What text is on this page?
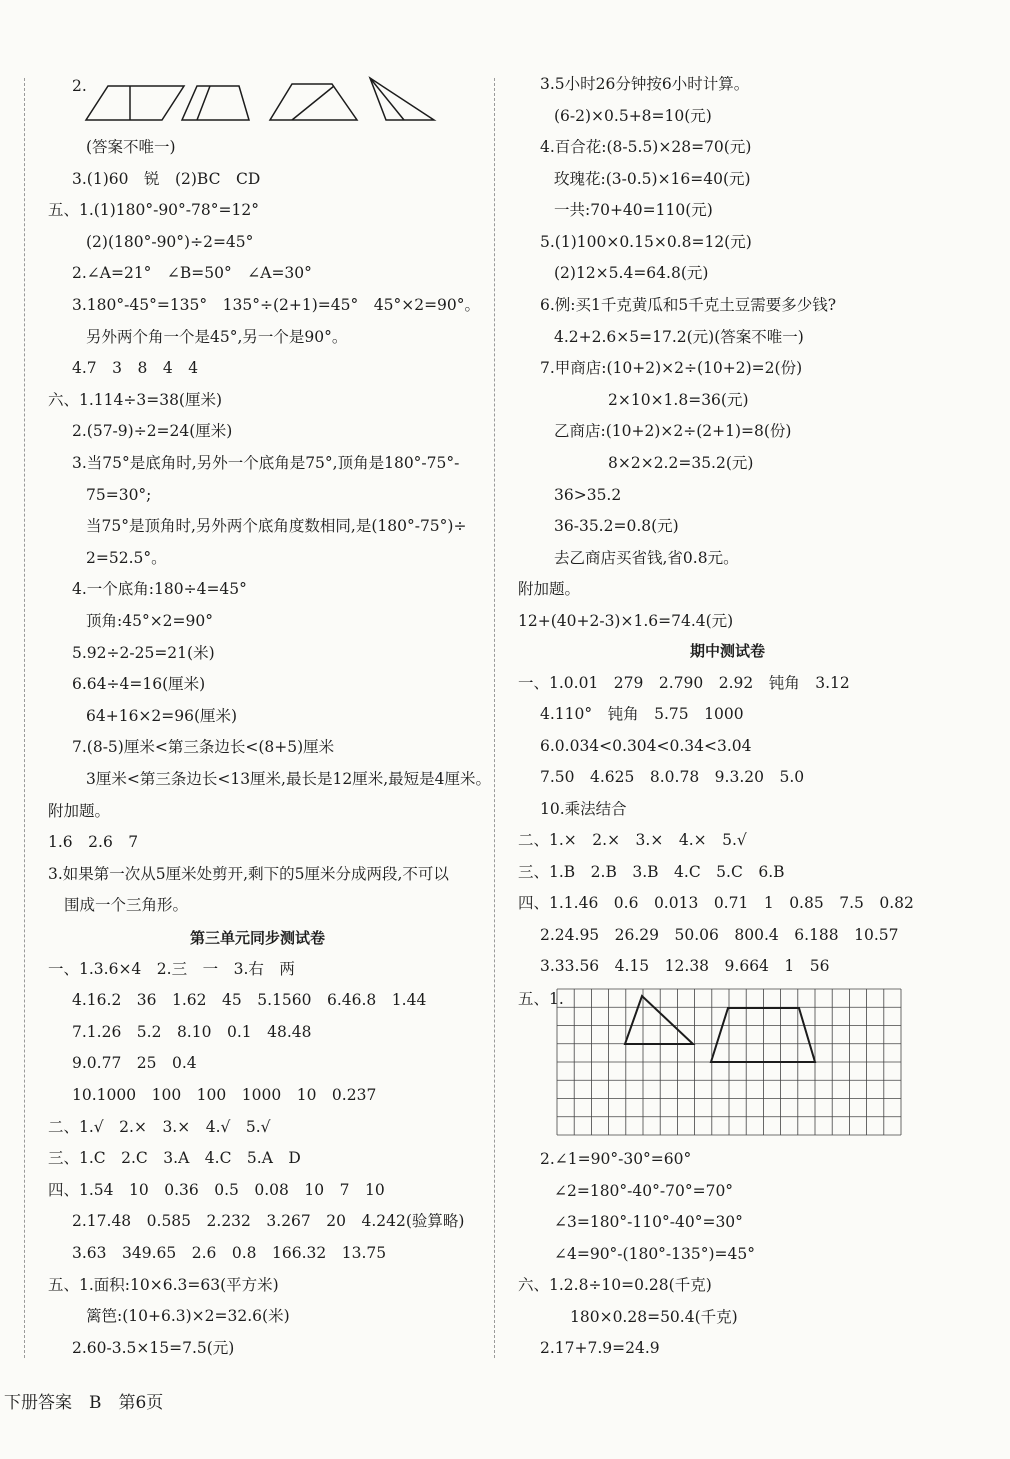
2.
(答案不唯一)
3.(1)60　锐　(2)BC　CD
五、1.(1)180°-90°-78°=12°
(2)(180°-90°)÷2=45°
2.∠A=21°　∠B=50°　∠A=30°
3.180°-45°=135°　135°÷(2+1)=45°　45°×2=90°。
另外两个角一个是45°,另一个是90°。
4.7　3　8　4　4
六、1.114÷3=38(厘米)
2.(57-9)÷2=24(厘米)
3.当75°是底角时,另外一个底角是75°,顶角是180°-75°-
75=30°;
当75°是顶角时,另外两个底角度数相同,是(180°-75°)÷
2=52.5°。
4.一个底角:180÷4=45°
顶角:45°×2=90°
5.92÷2-25=21(米)
6.64÷4=16(厘米)
64+16×2=96(厘米)
7.(8-5)厘米<第三条边长<(8+5)厘米
3厘米<第三条边长<13厘米,最长是12厘米,最短是4厘米。
附加题。
1.6　2.6　7
3.如果第一次从5厘米处剪开,剩下的5厘米分成两段,不可以
围成一个三角形。
第三单元同步测试卷
一、1.3.6×4　2.三　一　3.右　两
4.16.2　36　1.62　45　5.1560　6.46.8　1.44
7.1.26　5.2　8.10　0.1　48.48
9.0.77　25　0.4
10.1000　100　100　1000　10　0.237
二、1.√　2.×　3.×　4.√　5.√
三、1.C　2.C　3.A　4.C　5.A　D
四、1.54　10　0.36　0.5　0.08　10　7　10
2.17.48　0.585　2.232　3.267　20　4.242(验算略)
3.63　349.65　2.6　0.8　166.32　13.75
五、1.面积:10×6.3=63(平方米)
篱笆:(10+6.3)×2=32.6(米)
2.60-3.5×15=7.5(元)
3.5小时26分钟按6小时计算。
(6-2)×0.5+8=10(元)
4.百合花:(8-5.5)×28=70(元)
玫瑰花:(3-0.5)×16=40(元)
一共:70+40=110(元)
5.(1)100×0.15×0.8=12(元)
(2)12×5.4=64.8(元)
6.例:买1千克黄瓜和5千克土豆需要多少钱?
4.2+2.6×5=17.2(元)(答案不唯一)
7.甲商店:(10+2)×2÷(10+2)=2(份)
2×10×1.8=36(元)
乙商店:(10+2)×2÷(2+1)=8(份)
8×2×2.2=35.2(元)
36>35.2
36-35.2=0.8(元)
去乙商店买省钱,省0.8元。
附加题。
12+(40+2-3)×1.6=74.4(元)
期中测试卷
一、1.0.01　279　2.790　2.92　钝角　3.12
4.110°　钝角　5.75　1000
6.0.034<0.304<0.34<3.04
7.50　4.625　8.0.78　9.3.20　5.0
10.乘法结合
二、1.×　2.×　3.×　4.×　5.√
三、1.B　2.B　3.B　4.C　5.C　6.B
四、1.1.46　0.6　0.013　0.71　1　0.85　7.5　0.82
2.24.95　26.29　50.06　800.4　6.188　10.57
3.33.56　4.15　12.38　9.664　1　56
五、1.
2.∠1=90°-30°=60°
∠2=180°-40°-70°=70°
∠3=180°-110°-40°=30°
∠4=90°-(180°-135°)=45°
六、1.2.8÷10=0.28(千克)
180×0.28=50.4(千克)
2.17+7.9=24.9
下册答案　B　第6页
